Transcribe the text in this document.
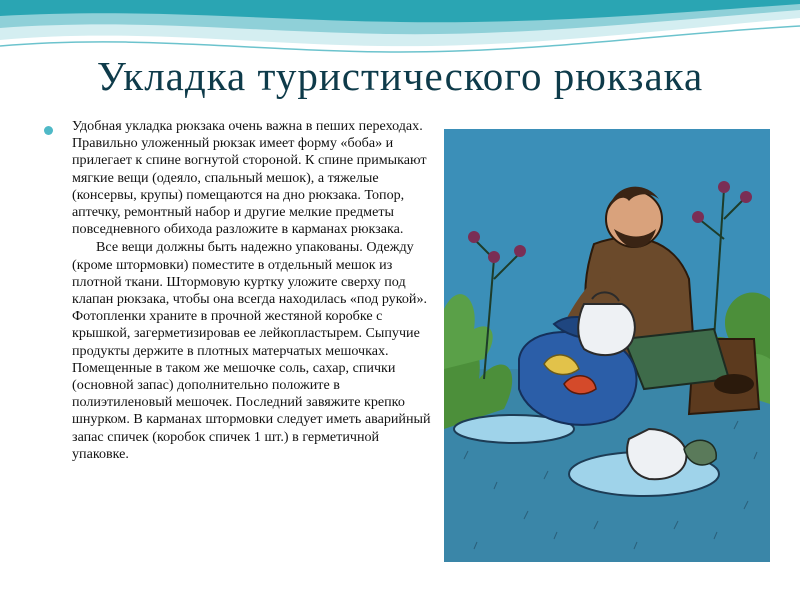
Укладка туристического рюкзака

Удобная укладка рюкзака очень важна в пеших переходах. Правильно уложенный рюкзак имеет форму «боба» и прилегает к спине вогнутой стороной. К спине примыкают мягкие вещи (одеяло, спальный мешок), а тяжелые (консервы, крупы) помещаются на дно рюкзака. Топор, аптечку, ремонтный набор и другие мелкие предметы повседневного обихода разложите в карманах рюкзака.

Все вещи должны быть надежно упакованы. Одежду (кроме штормовки) поместите в отдельный мешок из плотной ткани. Штормовую куртку уложите сверху под клапан рюкзака, чтобы она всегда находилась «под рукой». Фотопленки храните в прочной жестяной коробке с крышкой, загерметизировав ее лейкопластырем. Сыпучие продукты держите в плотных матерчатых мешочках. Помещенные в таком же мешочке соль, сахар, спички (основной запас) дополнительно положите в полиэтиленовый мешочек. Последний завяжите крепко шнурком. В карманах штормовки следует иметь аварийный запас спичек (коробок спичек 1 шт.) в герметичной упаковке.
